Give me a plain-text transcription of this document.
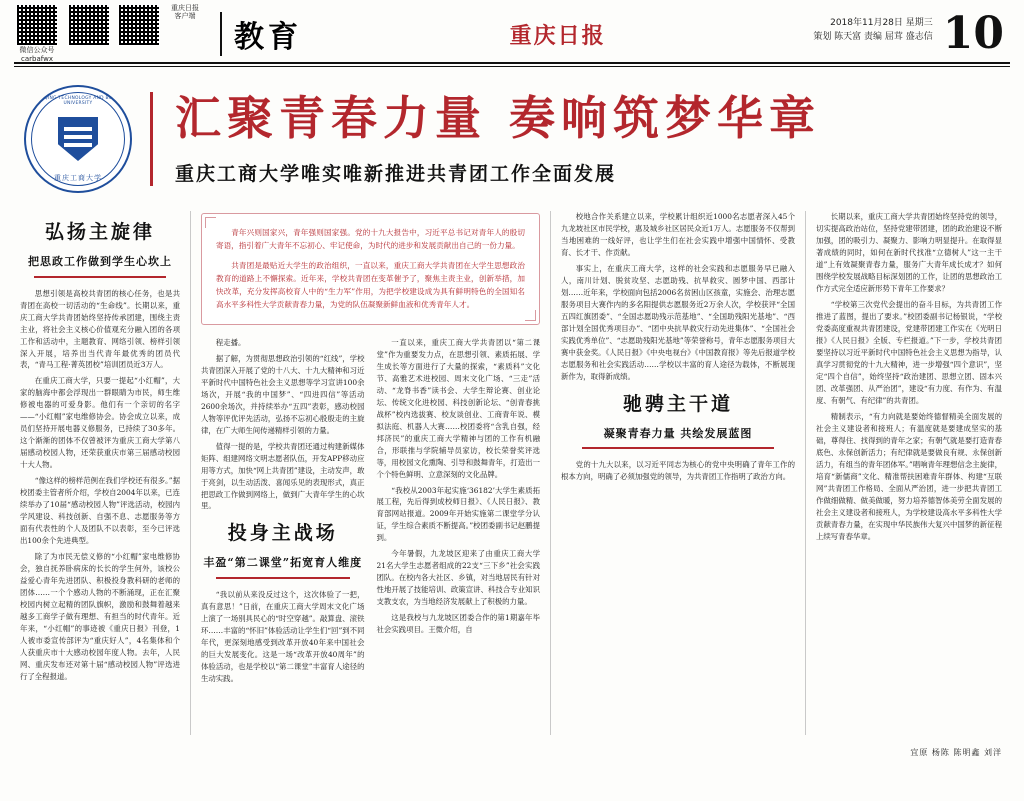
微信公众号
carbafwx
重庆日报
客户端
教育	重庆日报	2018年11月28日 星期三
策划 陈天富 责编 屈茸 盛志信 10
CHONGQING TECHNOLOGY AND BUSINESS UNIVERSITY
重庆工商大学
汇聚青春力量 奏响筑梦华章
重庆工商大学唯实唯新推进共青团工作全面发展
弘扬主旋律
把思政工作做到学生心坎上

思想引领是高校共青团的核心任务，也是共青团在高校一切活动的“生命线”。长期以来，重庆工商大学共青团始终坚持传承团建，围绕主责主业，将社会主义核心价值观充分融入团的各项工作和活动中，主题教育、网络引领、榜样引领深入开展，培养出当代青年最优秀的团员代表，“青马工程·菁英团校”培训团员近3万人。

在重庆工商大学，只要一提起“小红帽”，大家的脑海中都会浮现出一群眼睛为市民，师生维修被电器的可爱身影。他们有一个亲切的名字——“小红帽”家电维修协会。协会成立以来，成员们坚持开展电器义修服务，已持续了30多年。这个渐渐的团体不仅曾被评为重庆工商大学第八届感动校园人物，还荣获重庆市第三届感动校园十大人物。

“像这样的榜样范例在我们学校还有很多。”据校团委主管者所介绍，学校自2004年以来，已连续举办了10届“感动校园人物”评选活动，校园内学风建设、科技创新、自强不息、志愿服务等方面有代表性的个人及团队不以表彰，至今已评选出100余个先进典型。

除了为市民无偿义修的“小红帽”家电维修协会，独自抚养卧病床的长长的学生何外，该校公益爱心青年先进团队、积极投身教科研的老师的团体……一个个感动人物的不断涌现，正在汇聚校园内树立起精的团队旗帜，激励和鼓舞着越来越多工商学子做有理想、有担当的时代青年。近年来，“小红帽”的事迹被《重庆日报》刊登，1人被市委宣传部评为“重庆好人”，4名集体和个人获重庆市十大感动校园年度人物。去年，人民网、重庆发布还对第十届“感动校园人物”评选进行了全程报道。

青年兴则国家兴，青年强则国家强。党的十九大报告中，习近平总书记对青年人的殷切寄语，指引着广大青年不忘初心、牢记使命，为时代的进步和发展贡献出自己的一份力量。

共青团是最贴近大学生的政治组织，一直以来，重庆工商大学共青团在大学生思想政治教育的道路上不懈探索。近年来，学校共青团在变革催予了，聚焦主责主业，创新举措，加快改革，充分发挥高校育人中的“生力军”作用，为把学校建设成为具有鲜明特色的全国知名高水平多科性大学贡献青春力量，为党的队伍凝聚新鲜血液和优秀青年人才。

程走播。

据了解，为贯彻思想政治引领的“红线”，学校共青团深入开展了党的十八大、十九大精神和习近平新时代中国特色社会主义思想等学习宣讲100余场次，开展“我的中国梦”、“四进四信”等活动2600余场次，并持续举办“五四”表彰，感动校园人物等评优评先活动，弘扬不忘初心殷殷走的主旋律，在广大师生间传递精样引领的力量。

值得一提的是，学校共青团还通过构建新媒体矩阵、组建网络文明志愿者队伍，开发APP移动应用等方式，加快“网上共青团”建设，主动发声，敢于亮剑，以生动活泼、喜闻乐见的表现形式，真正把思政工作做到网络上，做到广大青年学生的心坎里。

投身主战场
丰盈“第二课堂”拓宽育人维度

“我以前从来没反过这个，这次体验了一把，真有意思！”日前，在重庆工商大学周末文化广场上演了一场别具民心的“时空穿越”。敲算盘、滚铁环……丰富的“怀旧”体验活动让学生们“回”到不同年代，更深刻地感受到改革开放40年来中国社会的巨大发展变化。这是一场“改革开放40周年”的体验活动，也是学校以“第二课堂”丰富育人途径的生动实践。

一直以来，重庆工商大学共青团以“第二课堂”作为重要发力点，在思想引领、素质拓展、学生成长等方面进行了大量的探索，“素质科”文化节、高雅艺术进校园、周末文化广场、“三走”活动、“龙脊书香”读书会、大学生辩论赛、创业论坛、传统文化进校园、科技创新论坛、“创青春挑战杯”校内选拔赛、校友谈创业、工商青年说、模拟法庭、机器人大赛……校团委将“含乳自强，经邦济民”的重庆工商大学精神与团的工作有机融合，形联推与学院辅导员家访，校长荣誉奖评选等，用校园文化熏陶、引导和鼓舞青年，打造出一个个特色鲜明、立意深刻的文化品牌。

“我校从2003年起实施‘36182’大学生素质拓展工程，先后得到成校师日报》、《人民日报》、教育部网站报道。2009年开始实施第二课堂学分认证，学生综合素质不断提高。”校团委副书记赵鹏提到。

今年暑假，九龙坡区迎来了由重庆工商大学21名大学生志愿者组成的22支“三下乡”社会实践团队。在校内各大社区、乡镇，对当地居民有针对性地开展了技能培训、政策宣讲、科技合专业知识支教支农，为当地经济发展献上了积极的力量。

这是我校与九龙坡区团委合作的第1期嘉年毕社会实践项目。王微介绍，自

校地合作关系建立以来，学校累计组织近1000名志愿者深入45个九龙坡社区市民学校，惠及城乡社区居民众近1万人。志愿服务不仅帮到当地困难的一线好评，也让学生们在社会实践中增强中国情怀、受教育、长才干、作贡献。

事实上，在重庆工商大学，这样的社会实践和志愿服务早已融入人，南川计划、脱贫攻坚、志愿助残、抗旱救灾、圆梦中国、西部计划……近年来，学校面向包括2006名贫困山区孩童，实施会、治理志愿服务项目大赛作内的多名阳提供志愿服务近2万余人次，学校获评“全国五四红旗团委”、“全国志愿助残示范基地”、“全国助残阳光基地”、“西部计划全国优秀项目办”、“团中央抗旱救灾行动先进集体”、“全国社会实践优秀单位”、“志愿助残阳光基地”等荣誉称号，青年志愿服务项目大赛中获金奖。《人民日报》《中央电视台》《中国教育报》等先后报道学校志愿服务和社会实践活动……学校以丰富的育人途径为载体，不断展现新作为，取得新成绩。

驰骋主干道
凝聚青春力量 共绘发展蓝图

党的十九大以来，以习近平同志为核心的党中央明确了青年工作的根本方向，明确了必须加强党的领导，为共青团工作指明了政治方向。

长期以来，重庆工商大学共青团始终坚持党的领导，切实提高政治站位，坚持党建带团建，团的政治建设不断加强，团的吸引力、凝聚力、影响力明显提升。在取得显著成绩的同时，如何在新时代找准“立德树人”这一主干道”上有效凝聚青春力量，服务广大青年成长成才？如何围绕学校发展战略目标深划团的工作，让团的思想政治工作方式完全适应新形势下青年工作要求？

“学校第三次党代会提出的奋斗目标，为共青团工作推进了蓝图，提出了要求。”校团委副书记杨银说，“学校党委高度重视共青团建设，党建带团建工作实在《光明日报》《人民日报》全版、专栏报道。”下一步，学校共青团要坚持以习近平新时代中国特色社会主义思想为指导，认真学习贯彻党的十九大精神，进一步增强“四个意识”，坚定“四个自信”，始终坚持“政治建团、思想立团、固本兴团、改革强团、从严治团”，建设“有力度、有作为、有温度、有朝气、有纪律”的共青团。

精制表示，“有力向就是要始终德督精美全面发展的社会主义建设者和接班人；有温度就是要建成坚实的基础，尊得住、找得到的青年之家；有朝气就是要打造青春底色、永保创新活力；有纪律就是要做良有规、永保创新活力，有组当的青年团体军。”唱响青年理想信念主旋律，培育“新儒商”文化、精准帮扶困难青年群体、构建“互联网”共青团工作格局、全面从严治团，进一步把共青团工作做细做精、做美做暖，努力培养德智体美劳全面发展的社会主义建设者和接班人，为学校建设高水平多科性大学贡献青春力量，在实现中华民族伟大复兴中国梦的新征程上续写青春华章。

宜原 杨陈 陈明鑫 刘洋
